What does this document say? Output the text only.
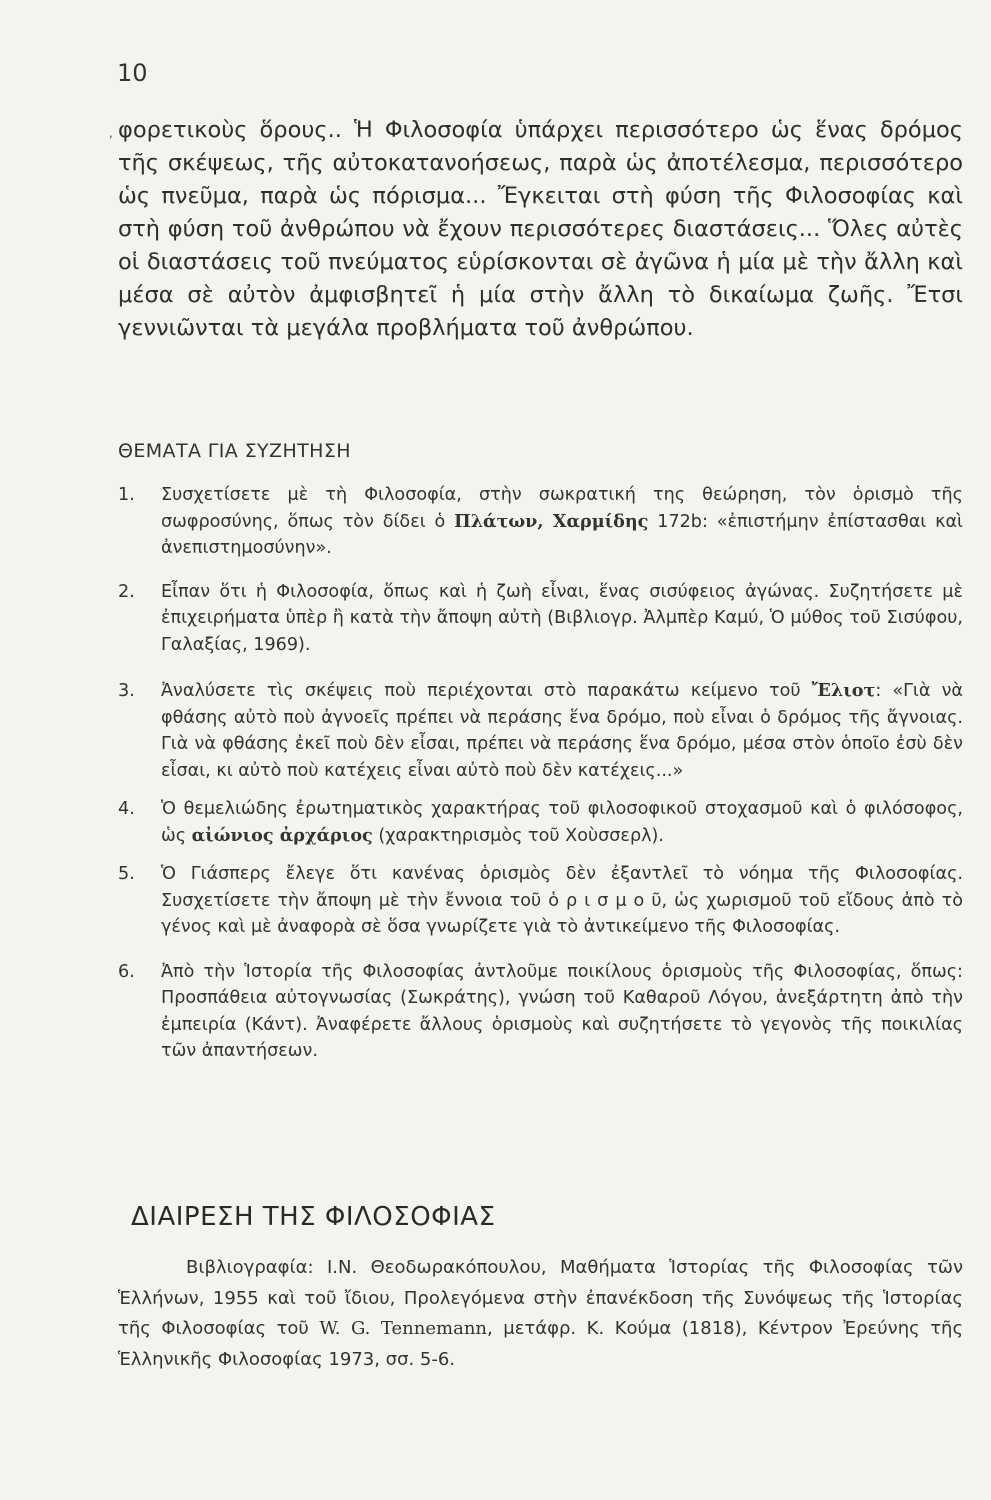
10
, φορετικοὺς ὅρους.. Ἡ Φιλοσοφία ὑπάρχει περισσότερο ὡς ἕνας δρόμος τῆς σκέψεως, τῆς αὐτοκατανοήσεως, παρὰ ὡς ἀποτέλεσμα, περισσότερο ὡς πνεῦμα, παρὰ ὡς πόρισμα... Ἔγκειται στὴ φύση τῆς Φιλοσοφίας καὶ στὴ φύση τοῦ ἀνθρώπου νὰ ἔχουν περισσότερες διαστάσεις... Ὅλες αὐτὲς οἱ διαστάσεις τοῦ πνεύματος εὑρίσκονται σὲ ἀγῶνα ἡ μία μὲ τὴν ἄλλη καὶ μέσα σὲ αὐτὸν ἀμφισβητεῖ ἡ μία στὴν ἄλλη τὸ δικαίωμα ζωῆς. Ἔτσι γεννιῶνται τὰ μεγάλα προβλήματα τοῦ ἀνθρώπου.

ΘΕΜΑΤΑ ΓΙΑ ΣΥΖΗΤΗΣΗ
1. Συσχετίσετε μὲ τὴ Φιλοσοφία, στὴν σωκρατική της θεώρηση, τὸν ὁρισμὸ τῆς σωφροσύνης, ὅπως τὸν δίδει ὁ Πλάτων, Χαρμίδης 172b: «ἐπιστήμην ἐπίστασθαι καὶ ἀνεπιστημοσύνην».
2. Εἶπαν ὅτι ἡ Φιλοσοφία, ὅπως καὶ ἡ ζωὴ εἶναι, ἕνας σισύφειος ἀγώνας. Συζητήσετε μὲ ἐπιχειρήματα ὑπὲρ ἢ κατὰ τὴν ἄποψη αὐτὴ (Βιβλιογρ. Ἀλμπὲρ Καμύ, Ὁ μύθος τοῦ Σισύφου, Γαλαξίας, 1969).
3. Ἀναλύσετε τὶς σκέψεις ποὺ περιέχονται στὸ παρακάτω κείμενο τοῦ Ἔλιοτ: «Γιὰ νὰ φθάσης αὐτὸ ποὺ ἀγνοεῖς πρέπει νὰ περάσης ἕνα δρόμο, ποὺ εἶναι ὁ δρόμος τῆς ἄγνοιας. Γιὰ νὰ φθάσης ἐκεῖ ποὺ δὲν εἶσαι, πρέπει νὰ περάσης ἕνα δρόμο, μέσα στὸν ὁποῖο ἐσὺ δὲν εἶσαι, κι αὐτὸ ποὺ κατέχεις εἶναι αὐτὸ ποὺ δὲν κατέχεις...»
4. Ὁ θεμελιώδης ἐρωτηματικὸς χαρακτήρας τοῦ φιλοσοφικοῦ στοχασμοῦ καὶ ὁ φιλόσοφος, ὡς αἰώνιος ἀρχάριος (χαρακτηρισμὸς τοῦ Χοὺσσερλ).
5. Ὁ Γιάσπερς ἔλεγε ὅτι κανένας ὁρισμὸς δὲν ἐξαντλεῖ τὸ νόημα τῆς Φιλοσοφίας. Συσχετίσετε τὴν ἄποψη μὲ τὴν ἔννοια τοῦ ὁ ρ ι σ μ ο ῦ, ὡς χωρισμοῦ τοῦ εἴδους ἀπὸ τὸ γένος καὶ μὲ ἀναφορὰ σὲ ὅσα γνωρίζετε γιὰ τὸ ἀντικείμενο τῆς Φιλοσοφίας.
6. Ἀπὸ τὴν Ἱστορία τῆς Φιλοσοφίας ἀντλοῦμε ποικίλους ὁρισμοὺς τῆς Φιλοσοφίας, ὅπως: Προσπάθεια αὐτογνωσίας (Σωκράτης), γνώση τοῦ Καθαροῦ Λόγου, ἀνεξάρτητη ἀπὸ τὴν ἐμπειρία (Κάντ). Ἀναφέρετε ἄλλους ὁρισμοὺς καὶ συζητήσετε τὸ γεγονὸς τῆς ποικιλίας τῶν ἀπαντήσεων.
ΔΙΑΙΡΕΣΗ ΤΗΣ ΦΙΛΟΣΟΦΙΑΣ

Βιβλιογραφία: Ι.Ν. Θεοδωρακόπουλου, Μαθήματα Ἱστορίας τῆς Φιλοσοφίας τῶν Ἑλλήνων, 1955 καὶ τοῦ ἴδιου, Προλεγόμενα στὴν ἐπανέκδοση τῆς Συνόψεως τῆς Ἱστορίας τῆς Φιλοσοφίας τοῦ W. G. Tennemann, μετάφρ. Κ. Κούμα (1818), Κέντρον Ἐρεύνης τῆς Ἑλληνικῆς Φιλοσοφίας 1973, σσ. 5-6.
